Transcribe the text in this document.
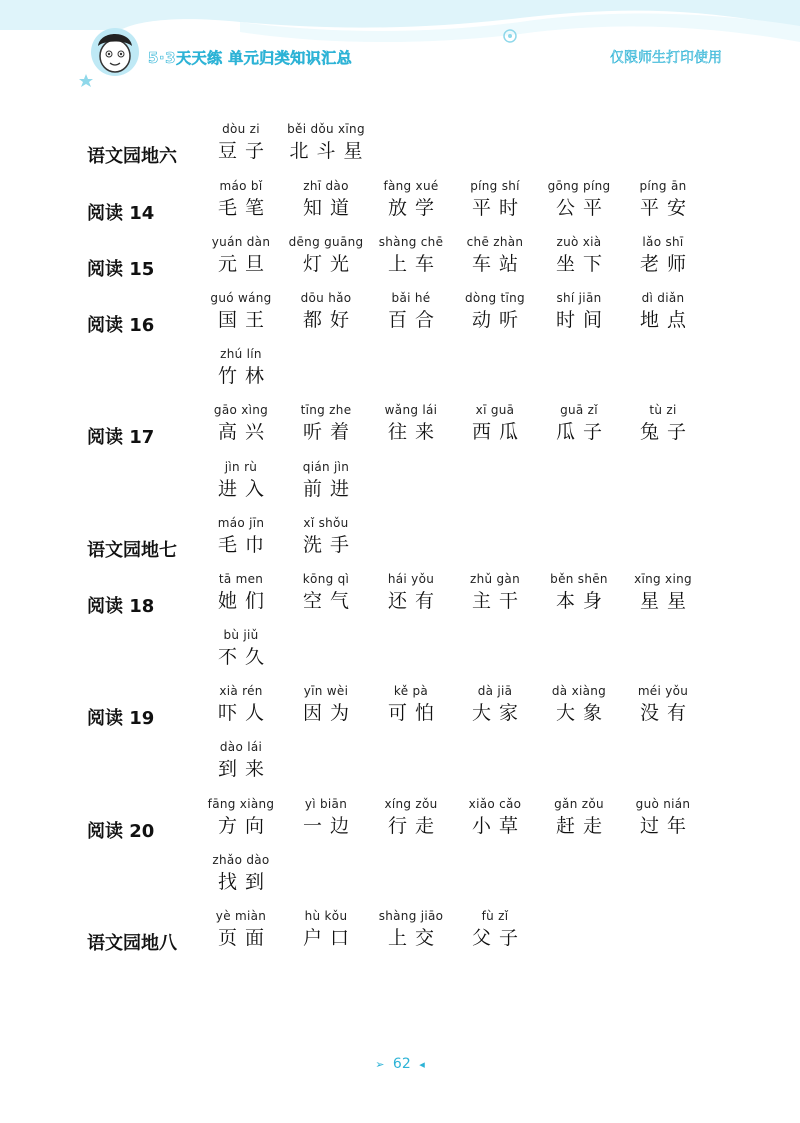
5·3天天练 单元归类知识汇总	仅限师生打印使用
语文园地六
dòu zi
豆子
běi dǒu xīng
北斗星
阅读 14
máo bǐ
毛笔
zhī dào
知道
fàng xué
放学
píng shí
平时
gōng píng
公平
píng ān
平安
阅读 15
yuán dàn
元旦
dēng guāng
灯光
shàng chē
上车
chē zhàn
车站
zuò xià
坐下
lǎo shī
老师
阅读 16
guó wáng
国王
dōu hǎo
都好
bǎi hé
百合
dòng tīng
动听
shí jiān
时间
dì diǎn
地点
zhú lín
竹林
阅读 17
gāo xìng
高兴
tīng zhe
听着
wǎng lái
往来
xī guā
西瓜
guā zǐ
瓜子
tù zi
兔子
jìn rù
进入
qián jìn
前进
语文园地七
máo jīn
毛巾
xǐ shǒu
洗手
阅读 18
tā men
她们
kōng qì
空气
hái yǒu
还有
zhǔ gàn
主干
běn shēn
本身
xīng xing
星星
bù jiǔ
不久
阅读 19
xià rén
吓人
yīn wèi
因为
kě pà
可怕
dà jiā
大家
dà xiàng
大象
méi yǒu
没有
dào lái
到来
阅读 20
fāng xiàng
方向
yì biān
一边
xíng zǒu
行走
xiǎo cǎo
小草
gǎn zǒu
赶走
guò nián
过年
zhǎo dào
找到
语文园地八
yè miàn
页面
hù kǒu
户口
shàng jiāo
上交
fù zǐ
父子
➢ 62 ◂
